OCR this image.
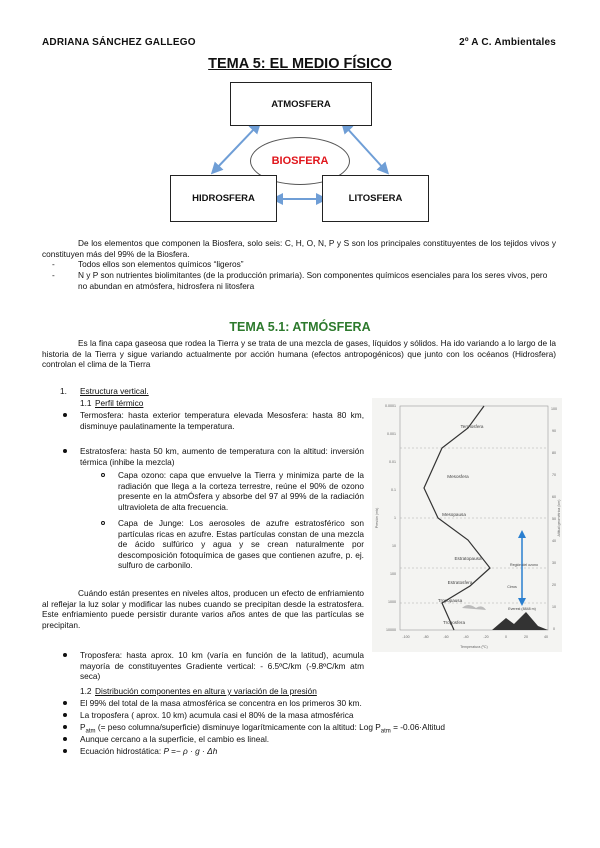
ADRIANA SÁNCHEZ GALLEGO	2º A C. Ambientales
TEMA 5: EL MEDIO FÍSICO
ATMOSFERA
BIOSFERA
HIDROSFERA	LITOSFERA
De los elementos que componen la Biosfera, solo seis: C, H, O, N, P y S son los principales constituyentes de los tejidos vivos y constituyen más del 99% de la Biosfera.
- Todos ellos son elementos químicos “ligeros”
- N y P son nutrientes biolimitantes (de la producción primaria). Son componentes químicos esenciales para los seres vivos, pero no abundan en atmósfera, hidrosfera ni litosfera
TEMA 5.1: ATMÓSFERA
Es la fina capa gaseosa que rodea la Tierra y se trata de una mezcla de gases, líquidos y sólidos. Ha ido variando a lo largo de la historia de la Tierra y sigue variando actualmente por acción humana (efectos antropogénicos) que junto con los océanos (Hidrosfera) controlan el clima de la Tierra
1. Estructura vertical.
1.1 Perfil térmico
Termosfera: hasta exterior temperatura elevada Mesosfera: hasta 80 km, disminuye paulatinamente la temperatura.
Estratosfera: hasta 50 km, aumento de temperatura con la altitud: inversión térmica (inhibe la mezcla)
Capa ozono: capa que envuelve la Tierra y minimiza parte de la radiación que llega a la corteza terrestre, reúne el 90% de ozono presente en la atmÓsfera y absorbe del 97 al 99% de la radiación ultravioleta de alta frecuencia.
Capa de Junge: Los aerosoles de azufre estratosférico son partículas ricas en azufre. Estas partículas constan de una mezcla de ácido sulfúrico y agua y se crean naturalmente por descomposición fotoquímica de gases que contienen azufre, p. ej. sulfuro de carbonilo.
Cuándo están presentes en niveles altos, producen un efecto de enfriamiento al reflejar la luz solar y modificar las nubes cuando se precipitan desde la estratosfera. Este enfriamiento puede persistir durante varios años antes de que las partículas se precipitan.
Troposfera: hasta aprox. 10 km (varía en función de la latitud), acumula mayoría de constituyentes Gradiente vertical: - 6.5ºC/km (-9.8ºC/km atm seca)
1.2 Distribución componentes en altura y variación de la presión
El 99% del total de la masa atmosférica se concentra en los primeros 30 km.
La troposfera ( aprox. 10 km) acumula casi el 80% de la masa atmosférica
$P_{atm}$ (= peso columna/superficie) disminuye logarítmicamente con la altitud: Log $P_{atm}$ = -0.06·Altitud
Aunque cercano a la superficie, el cambio es lineal.
Ecuación hidrostática: P =− ρ · g · Δh
Termosfera
Mesosfera
Mesopausa
Estratopausa
Estratosfera
Tropopausa
Troposfera
Región del ozono
Cirros
Everest (8848 m)
10000
1000
100
10
1
0.1
0.01
0.001
0.0001
100
90
80
70
60
50
40
30
20
10
0
-100	-80	-60	-40	-20	0	20	40
Temperatura (ºC)
Presión (mb)	Altitud geométrica (km)
